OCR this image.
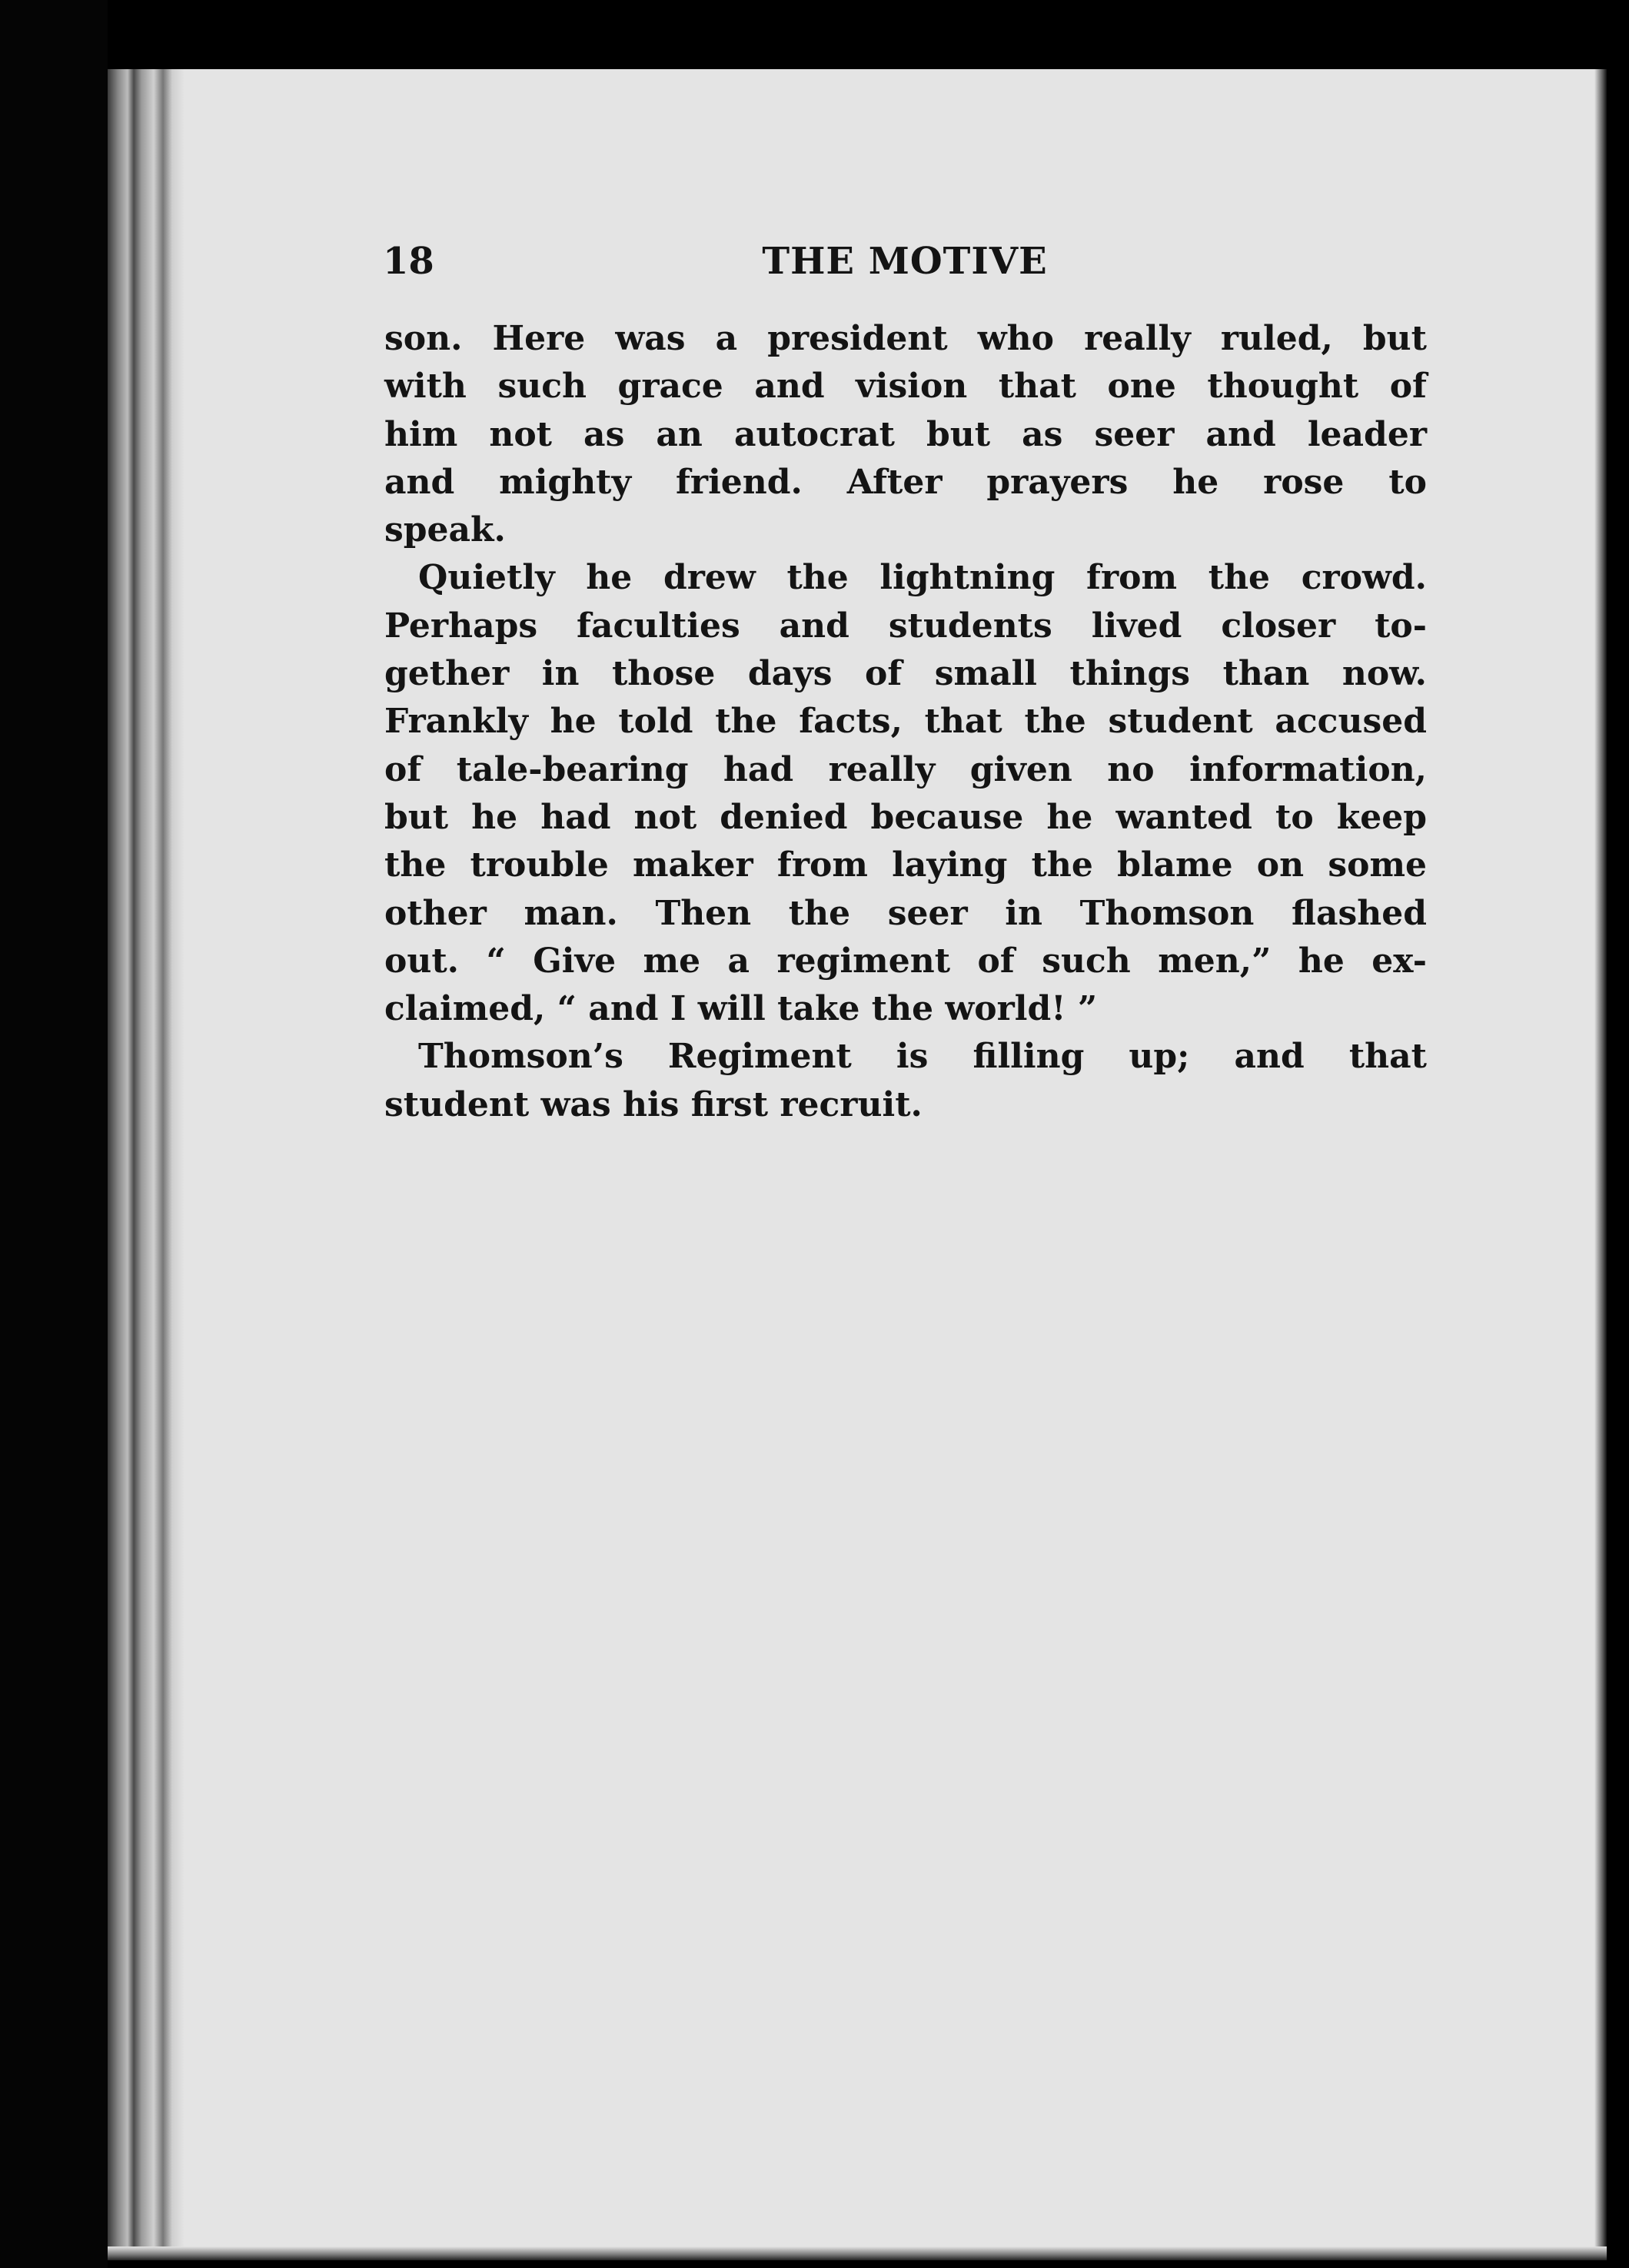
18	THE MOTIVE

son. Here was a president who really ruled, but
with such grace and vision that one thought of
him not as an autocrat but as seer and leader
and mighty friend. After prayers he rose to
speak.

Quietly he drew the lightning from the crowd.
Perhaps faculties and students lived closer to-
gether in those days of small things than now.
Frankly he told the facts, that the student accused
of tale-bearing had really given no information,
but he had not denied because he wanted to keep
the trouble maker from laying the blame on some
other man. Then the seer in Thomson flashed
out. “ Give me a regiment of such men,” he ex-
claimed, “ and I will take the world! ”

Thomson’s Regiment is filling up; and that
student was his first recruit.
